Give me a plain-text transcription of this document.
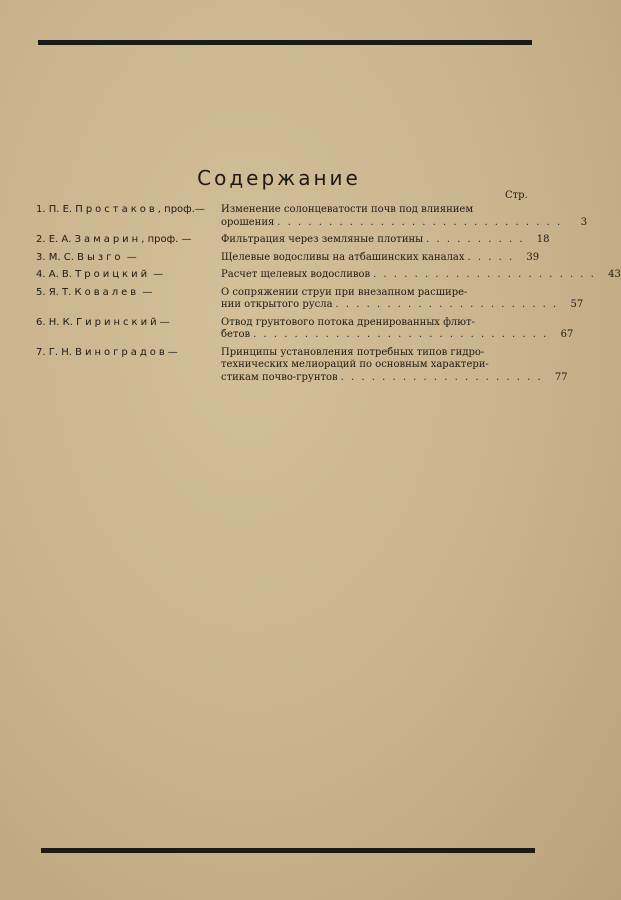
Содержание
Стр.
1. П. Е. Простаков, проф.—	Изменение солонцеватости почв под влиянием
орошения . . . . . . . . . . . . . . . . . . . . . . . . . . . .	3
2. Е. А. Замарин, проф. —	Фильтрация через земляные плотины . . . . . . . . . .	18
3. М. С. Вызго —	Щелевые водосливы на атбашинских каналах . . . . .	39
4. А. В. Троицкий —	Расчет щелевых водосливов . . . . . . . . . . . . . . . . . . . . . .	43
5. Я. Т. Ковалев —	О сопряжении струи при внезапном расшире-
нии открытого русла . . . . . . . . . . . . . . . . . . . . . .	57
6. Н. К. Гиринский—	Отвод грунтового потока дренированных флют-
бетов . . . . . . . . . . . . . . . . . . . . . . . . . . . . .	67
7. Г. Н. Виноградов—	Принципы установления потребных типов гидро-
технических мелиораций по основным характери-
стикам почво-грунтов . . . . . . . . . . . . . . . . . . . .	77
